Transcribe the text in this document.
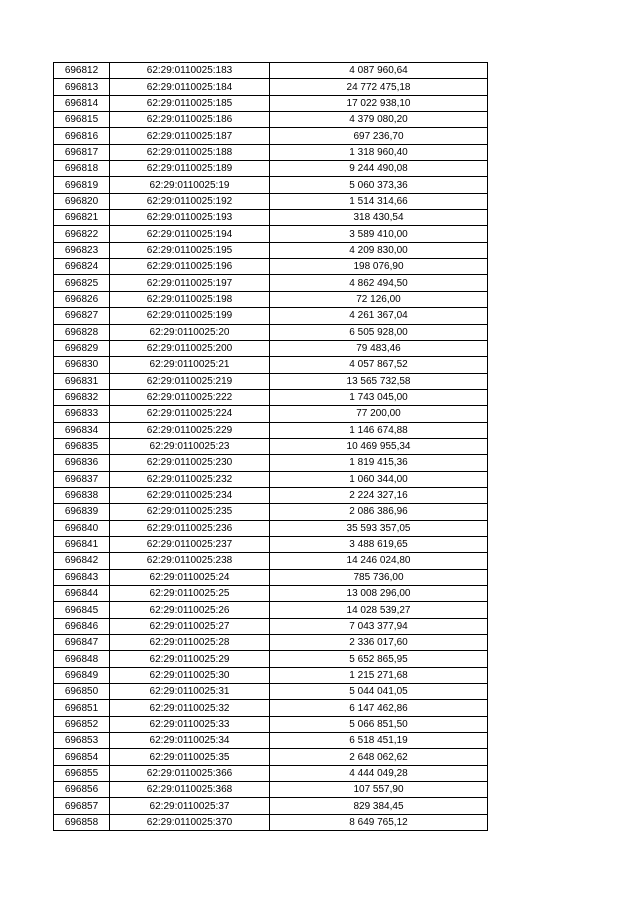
696812	62:29:0110025:183	4 087 960,64
696813	62:29:0110025:184	24 772 475,18
696814	62:29:0110025:185	17 022 938,10
696815	62:29:0110025:186	4 379 080,20
696816	62:29:0110025:187	697 236,70
696817	62:29:0110025:188	1 318 960,40
696818	62:29:0110025:189	9 244 490,08
696819	62:29:0110025:19	5 060 373,36
696820	62:29:0110025:192	1 514 314,66
696821	62:29:0110025:193	318 430,54
696822	62:29:0110025:194	3 589 410,00
696823	62:29:0110025:195	4 209 830,00
696824	62:29:0110025:196	198 076,90
696825	62:29:0110025:197	4 862 494,50
696826	62:29:0110025:198	72 126,00
696827	62:29:0110025:199	4 261 367,04
696828	62:29:0110025:20	6 505 928,00
696829	62:29:0110025:200	79 483,46
696830	62:29:0110025:21	4 057 867,52
696831	62:29:0110025:219	13 565 732,58
696832	62:29:0110025:222	1 743 045,00
696833	62:29:0110025:224	77 200,00
696834	62:29:0110025:229	1 146 674,88
696835	62:29:0110025:23	10 469 955,34
696836	62:29:0110025:230	1 819 415,36
696837	62:29:0110025:232	1 060 344,00
696838	62:29:0110025:234	2 224 327,16
696839	62:29:0110025:235	2 086 386,96
696840	62:29:0110025:236	35 593 357,05
696841	62:29:0110025:237	3 488 619,65
696842	62:29:0110025:238	14 246 024,80
696843	62:29:0110025:24	785 736,00
696844	62:29:0110025:25	13 008 296,00
696845	62:29:0110025:26	14 028 539,27
696846	62:29:0110025:27	7 043 377,94
696847	62:29:0110025:28	2 336 017,60
696848	62:29:0110025:29	5 652 865,95
696849	62:29:0110025:30	1 215 271,68
696850	62:29:0110025:31	5 044 041,05
696851	62:29:0110025:32	6 147 462,86
696852	62:29:0110025:33	5 066 851,50
696853	62:29:0110025:34	6 518 451,19
696854	62:29:0110025:35	2 648 062,62
696855	62:29:0110025:366	4 444 049,28
696856	62:29:0110025:368	107 557,90
696857	62:29:0110025:37	829 384,45
696858	62:29:0110025:370	8 649 765,12
